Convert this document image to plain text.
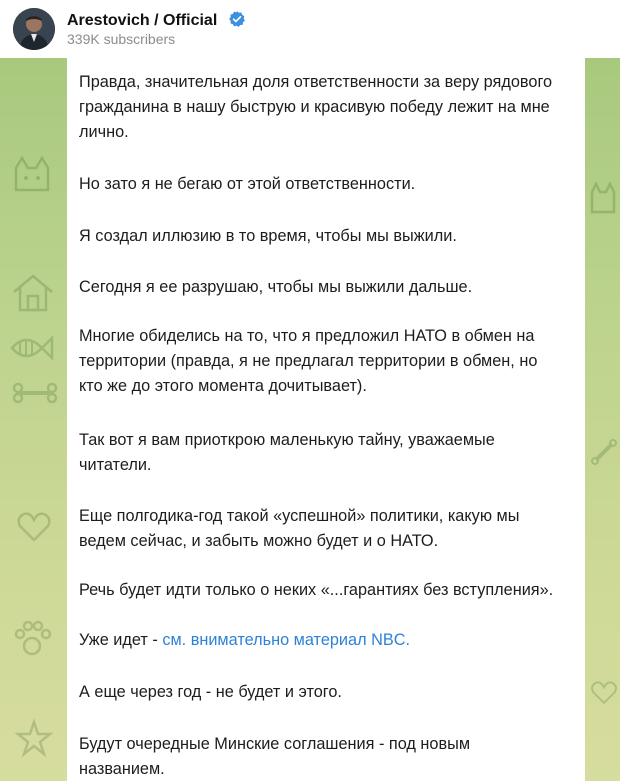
Arestovich / Official
339K subscribers
Правда, значительная доля ответственности за веру рядового
гражданина в нашу быструю и красивую победу лежит на мне
лично.
Но зато я не бегаю от этой ответственности.
Я создал иллюзию в то время, чтобы мы выжили.
Сегодня я ее разрушаю, чтобы мы выжили дальше.
Многие обиделись на то, что я предложил НАТО в обмен на
территории (правда, я не предлагал территории в обмен, но
кто же до этого момента дочитывает).
Так вот я вам приоткрою маленькую тайну, уважаемые
читатели.
Еще полгодика-год такой «успешной» политики, какую мы
ведем сейчас, и забыть можно будет и о НАТО.
Речь будет идти только о неких «...гарантиях без вступления».
Уже идет - см. внимательно материал NBC.
А еще через год - не будет и этого.
Будут очередные Минские соглашения - под новым
названием.
